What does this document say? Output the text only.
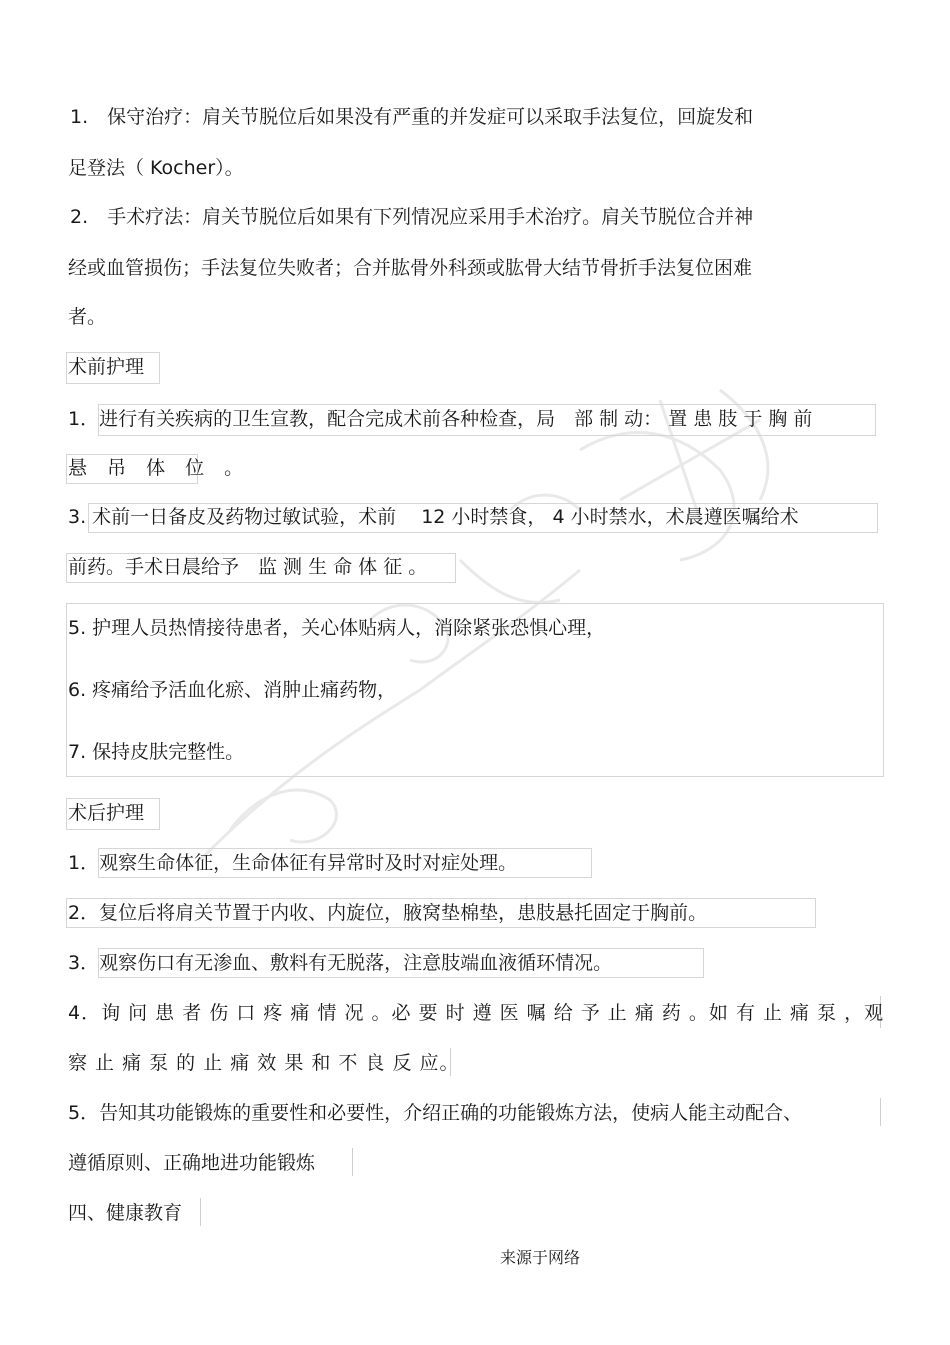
1.　保守治疗：肩关节脱位后如果没有严重的并发症可以采取手法复位，回旋发和
足登法（ Kocher）。
2.　手术疗法：肩关节脱位后如果有下列情况应采用手术治疗。肩关节脱位合并神
经或血管损伤；手法复位失败者；合并肱骨外科颈或肱骨大结节骨折手法复位困难
者。
术前护理
1．进行有关疾病的卫生宣教，配合完成术前各种检查，局　部 制 动： 置 患 肢 于 胸 前
悬 吊 体 位 。
3. 术前一日备皮及药物过敏试验，术前　 12 小时禁食， 4 小时禁水，术晨遵医嘱给术
前药。手术日晨给予　监 测 生 命 体 征 。
5. 护理人员热情接待患者，关心体贴病人，消除紧张恐惧心理，
6. 疼痛给予活血化瘀、消肿止痛药物，
7. 保持皮肤完整性。
术后护理
1．观察生命体征，生命体征有异常时及时对症处理。
2．复位后将肩关节置于内收、内旋位，腋窝垫棉垫，患肢悬托固定于胸前。
3．观察伤口有无渗血、敷料有无脱落，注意肢端血液循环情况。
4．询 问 患 者 伤 口 疼 痛 情 况 。必 要 时 遵 医 嘱 给 予 止 痛 药 。如 有 止 痛 泵 ，观
察 止 痛 泵 的 止 痛 效 果 和 不 良 反 应。
5．告知其功能锻炼的重要性和必要性，介绍正确的功能锻炼方法，使病人能主动配合、
遵循原则、正确地进功能锻炼
四、健康教育
来源于网络
